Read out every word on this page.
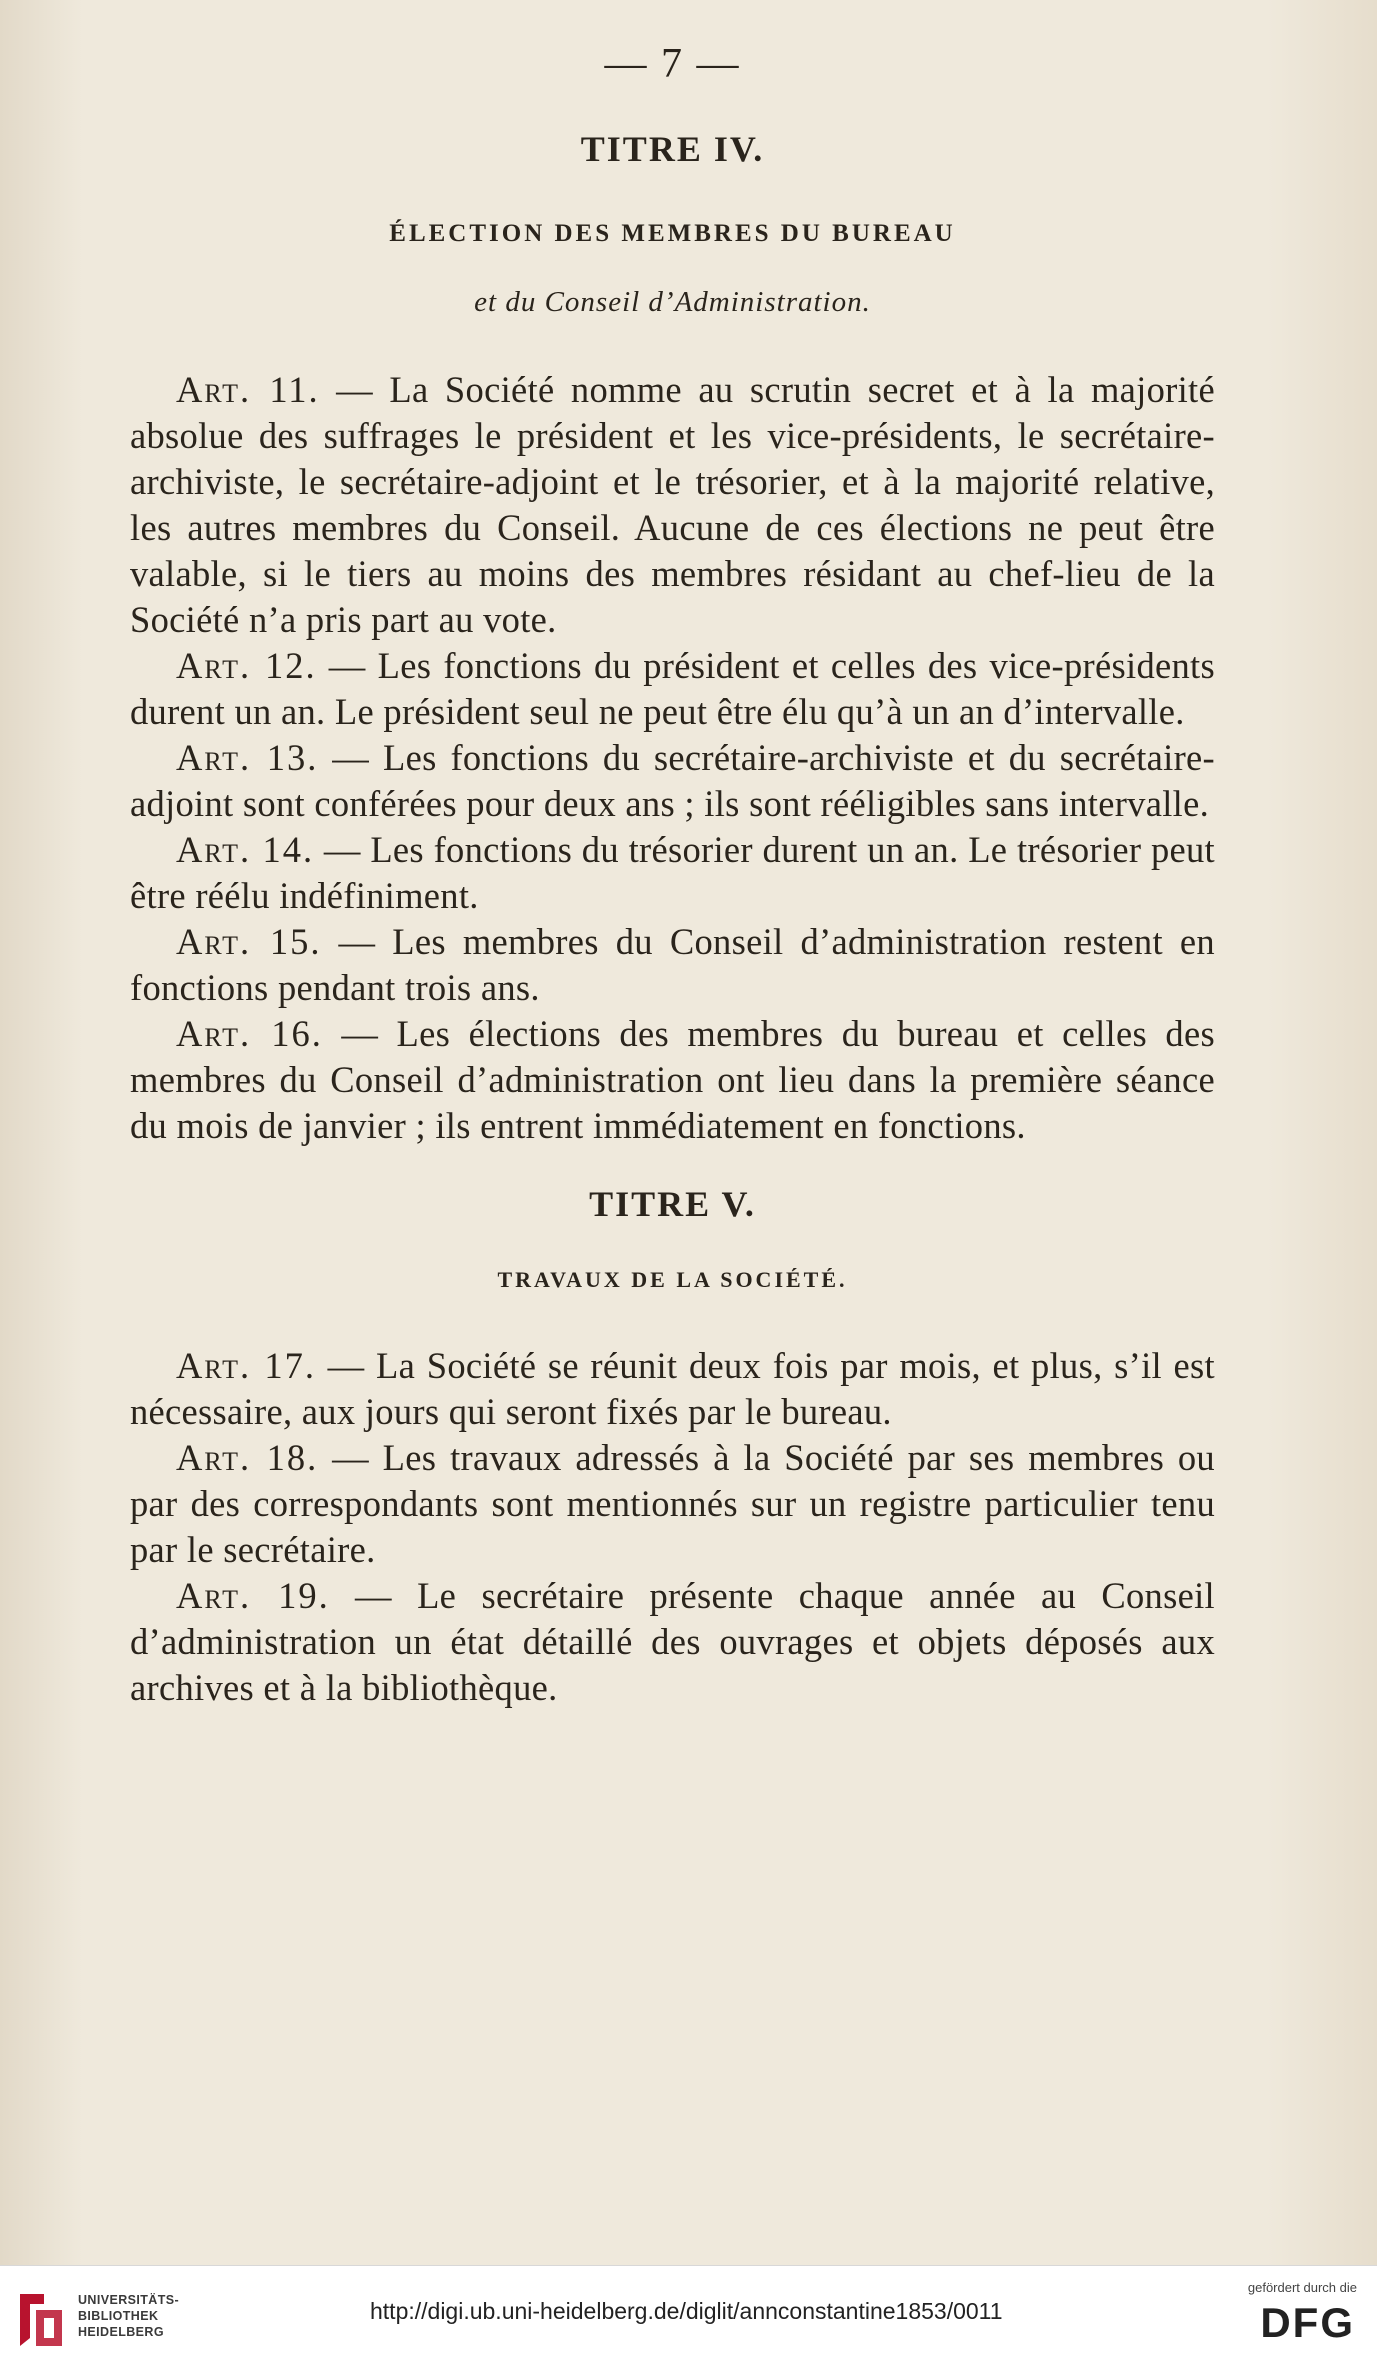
— 7 —
TITRE IV.
ÉLECTION DES MEMBRES DU BUREAU
et du Conseil d’Administration.

Art. 11. — La Société nomme au scrutin secret et à la majorité absolue des suffrages le président et les vice-présidents, le secrétaire-archiviste, le secrétaire-adjoint et le trésorier, et à la majorité relative, les autres membres du Conseil. Aucune de ces élections ne peut être valable, si le tiers au moins des membres résidant au chef-lieu de la Société n’a pris part au vote.

Art. 12. — Les fonctions du président et celles des vice-présidents durent un an. Le président seul ne peut être élu qu’à un an d’intervalle.

Art. 13. — Les fonctions du secrétaire-archiviste et du secrétaire-adjoint sont conférées pour deux ans ; ils sont rééligibles sans intervalle.

Art. 14. — Les fonctions du trésorier durent un an. Le trésorier peut être réélu indéfiniment.

Art. 15. — Les membres du Conseil d’administration restent en fonctions pendant trois ans.

Art. 16. — Les élections des membres du bureau et celles des membres du Conseil d’administration ont lieu dans la première séance du mois de janvier ; ils entrent immédiatement en fonctions.

TITRE V.
TRAVAUX DE LA SOCIÉTÉ.

Art. 17. — La Société se réunit deux fois par mois, et plus, s’il est nécessaire, aux jours qui seront fixés par le bureau.

Art. 18. — Les travaux adressés à la Société par ses membres ou par des correspondants sont mentionnés sur un registre particulier tenu par le secrétaire.

Art. 19. — Le secrétaire présente chaque année au Conseil d’administration un état détaillé des ouvrages et objets déposés aux archives et à la bibliothèque.

UNIVERSITÄTS-
BIBLIOTHEK
HEIDELBERG
http://digi.ub.uni-heidelberg.de/diglit/annconstantine1853/0011
gefördert durch die
DFG
